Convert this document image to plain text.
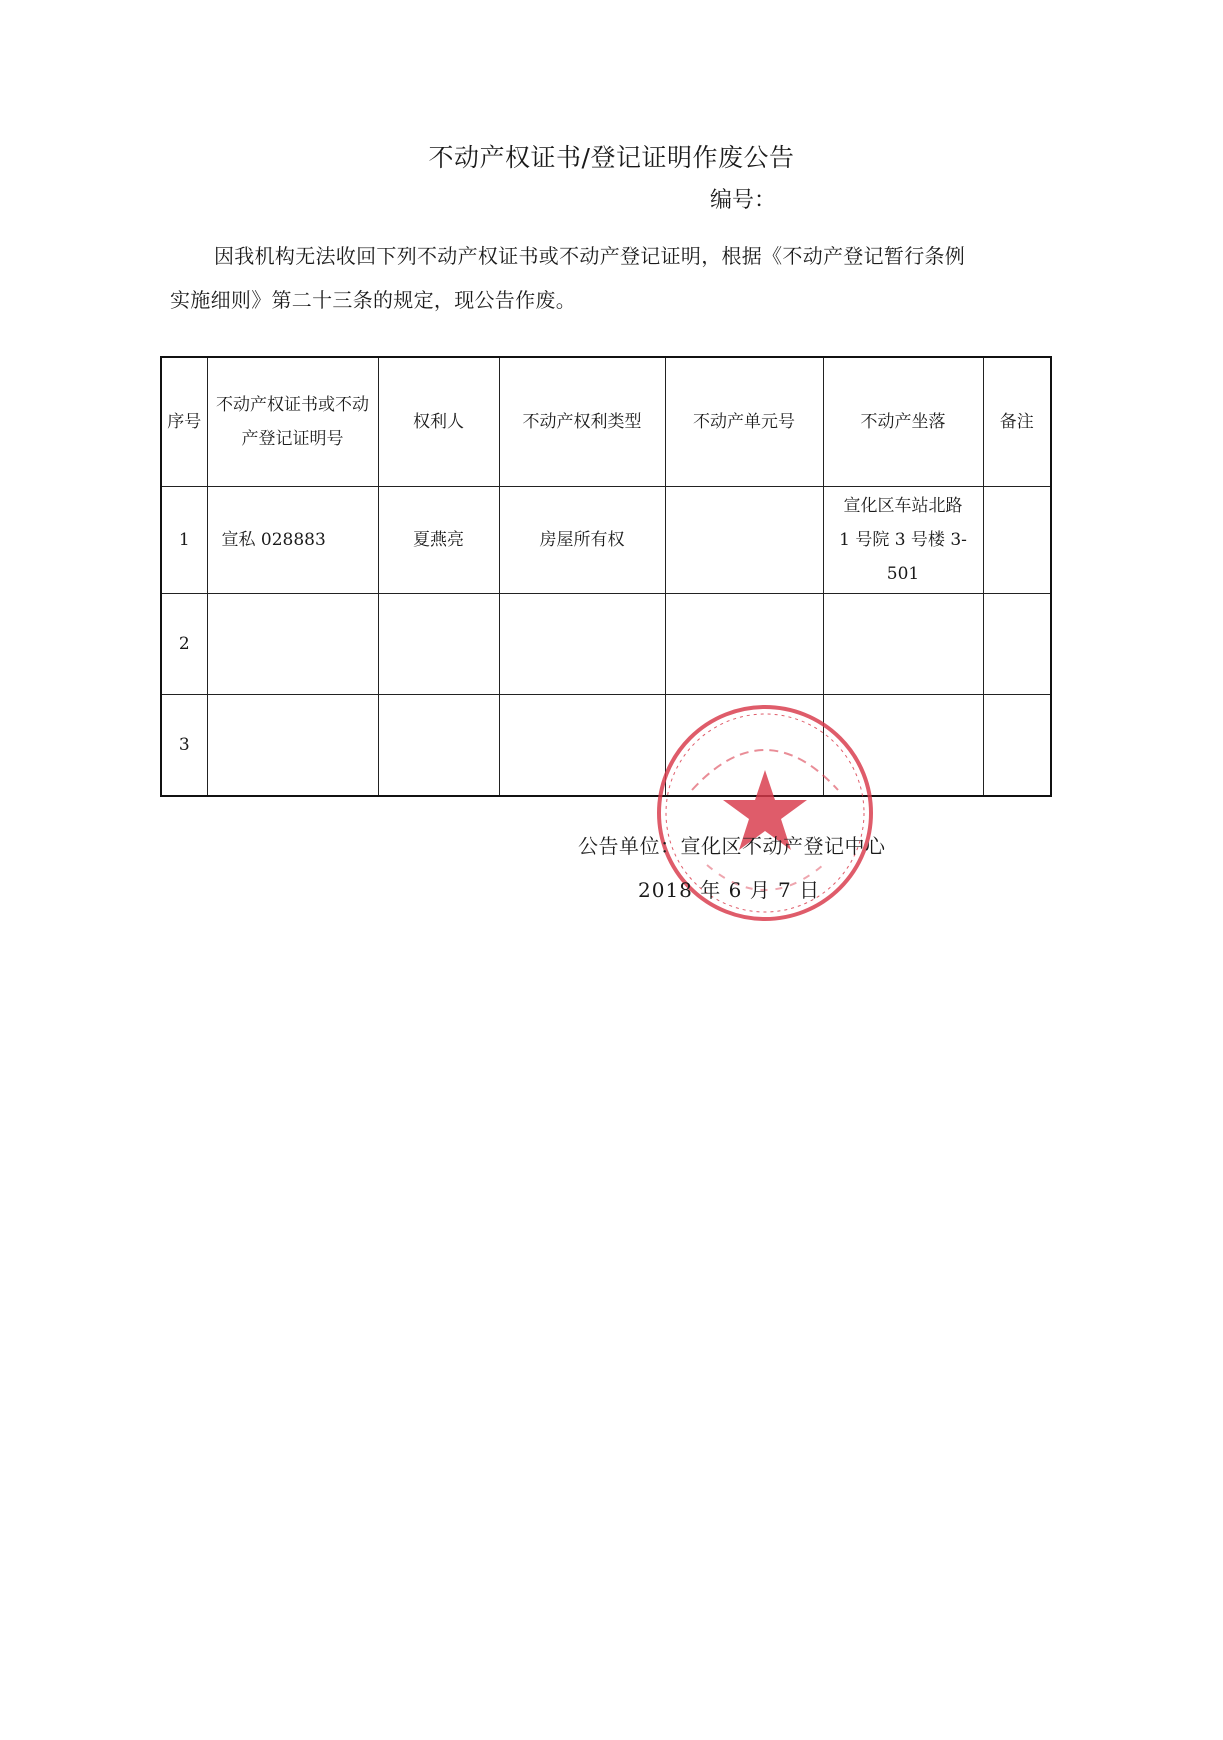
不动产权证书/登记证明作废公告
编号：
因我机构无法收回下列不动产权证书或不动产登记证明，根据《不动产登记暂行条例
实施细则》第二十三条的规定，现公告作废。
序号	不动产权证书或不动
产登记证明号	权利人	不动产权利类型	不动产单元号	不动产坐落	备注
1	宣私 028883	夏燕亮	房屋所有权		宣化区车站北路
1 号院 3 号楼 3-
501	

2						
3						
公告单位：宣化区不动产登记中心
2018 年 6 月 7 日
